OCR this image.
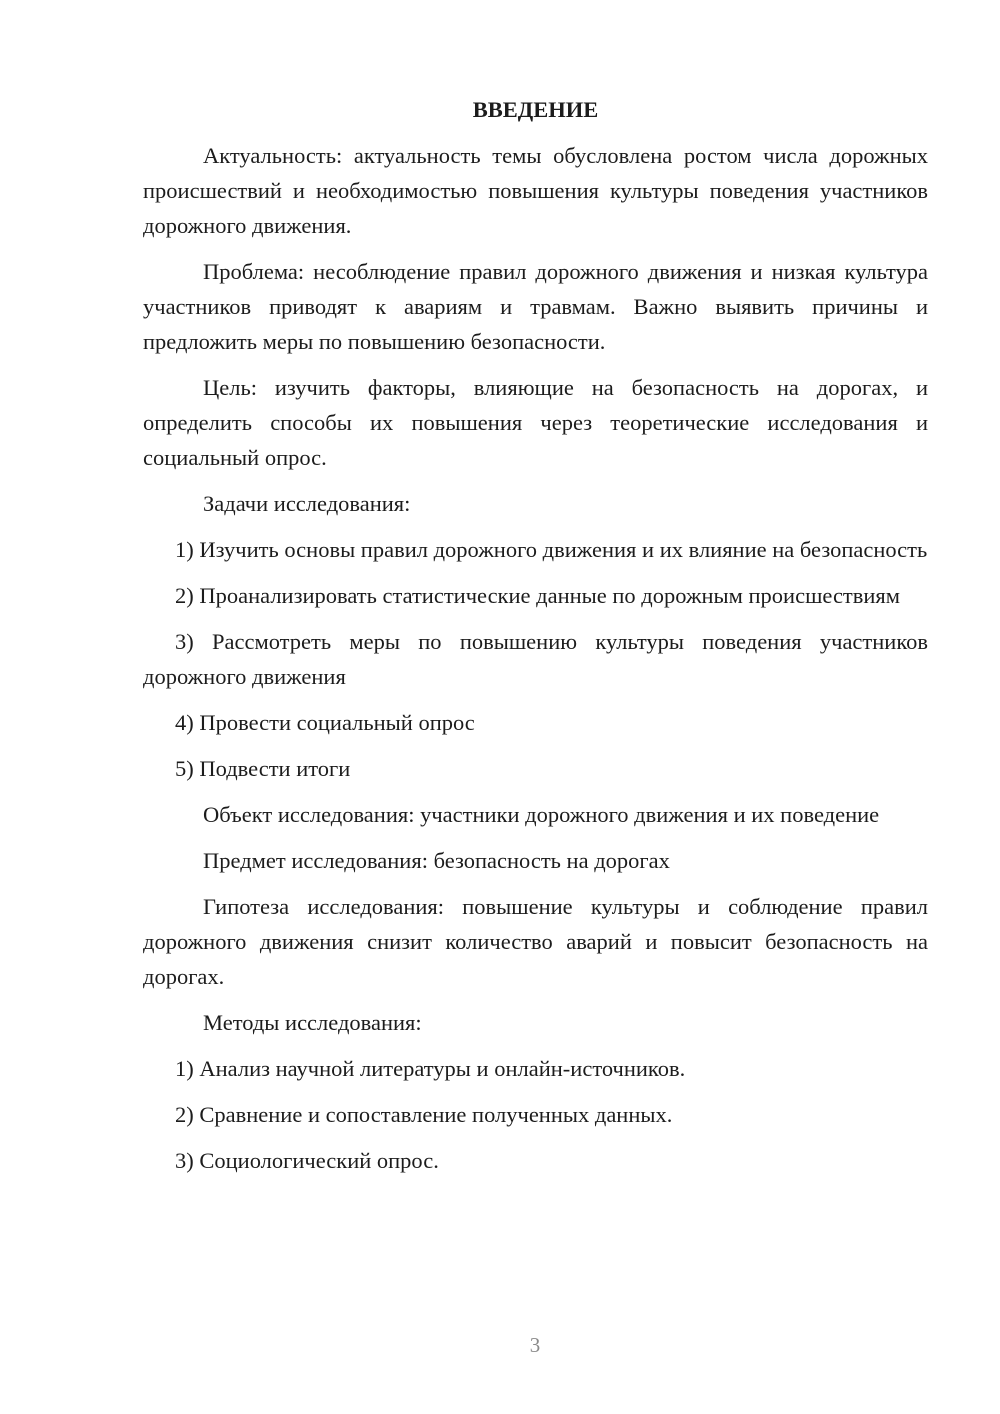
ВВЕДЕНИЕ

Актуальность: актуальность темы обусловлена ростом числа дорожных происшествий и необходимостью повышения культуры поведения участников дорожного движения.

Проблема: несоблюдение правил дорожного движения и низкая культура участников приводят к авариям и травмам. Важно выявить причины и предложить меры по повышению безопасности.

Цель: изучить факторы, влияющие на безопасность на дорогах, и определить способы их повышения через теоретические исследования и социальный опрос.

Задачи исследования:

1) Изучить основы правил дорожного движения и их влияние на безопасность

2) Проанализировать статистические данные по дорожным происшествиям

3) Рассмотреть меры по повышению культуры поведения участников дорожного движения

4) Провести социальный опрос

5) Подвести итоги

Объект исследования: участники дорожного движения и их поведение

Предмет исследования: безопасность на дорогах

Гипотеза исследования: повышение культуры и соблюдение правил дорожного движения снизит количество аварий и повысит безопасность на дорогах.

Методы исследования:

1) Анализ научной литературы и онлайн-источников.

2) Сравнение и сопоставление полученных данных.

3) Социологический опрос.

3
